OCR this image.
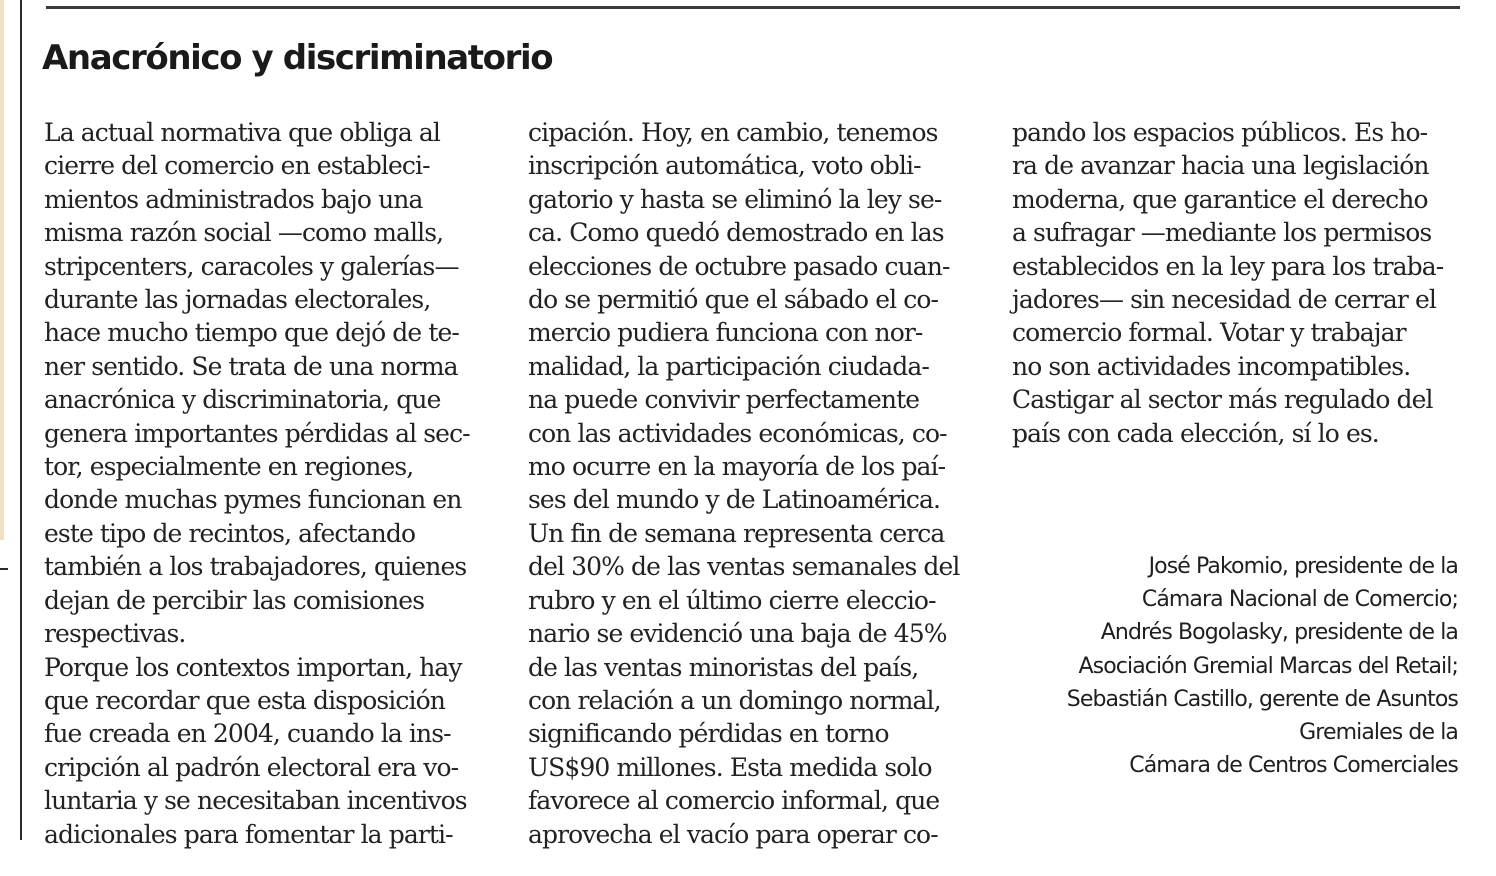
Anacrónico y discriminatorio
La actual normativa que obliga al
cierre del comercio en estableci-
mientos administrados bajo una
misma razón social —como malls,
stripcenters, caracoles y galerías—
durante las jornadas electorales,
hace mucho tiempo que dejó de te-
ner sentido. Se trata de una norma
anacrónica y discriminatoria, que
genera importantes pérdidas al sec-
tor, especialmente en regiones,
donde muchas pymes funcionan en
este tipo de recintos, afectando
también a los trabajadores, quienes
dejan de percibir las comisiones
respectivas.
Porque los contextos importan, hay
que recordar que esta disposición
fue creada en 2004, cuando la ins-
cripción al padrón electoral era vo-
luntaria y se necesitaban incentivos
adicionales para fomentar la parti-
cipación. Hoy, en cambio, tenemos
inscripción automática, voto obli-
gatorio y hasta se eliminó la ley se-
ca. Como quedó demostrado en las
elecciones de octubre pasado cuan-
do se permitió que el sábado el co-
mercio pudiera funciona con nor-
malidad, la participación ciudada-
na puede convivir perfectamente
con las actividades económicas, co-
mo ocurre en la mayoría de los paí-
ses del mundo y de Latinoamérica.
Un fin de semana representa cerca
del 30% de las ventas semanales del
rubro y en el último cierre eleccio-
nario se evidenció una baja de 45%
de las ventas minoristas del país,
con relación a un domingo normal,
significando pérdidas en torno
US$90 millones. Esta medida solo
favorece al comercio informal, que
aprovecha el vacío para operar co-
pando los espacios públicos. Es ho-
ra de avanzar hacia una legislación
moderna, que garantice el derecho
a sufragar —mediante los permisos
establecidos en la ley para los traba-
jadores— sin necesidad de cerrar el
comercio formal. Votar y trabajar
no son actividades incompatibles.
Castigar al sector más regulado del
país con cada elección, sí lo es.
José Pakomio, presidente de la
Cámara Nacional de Comercio;
Andrés Bogolasky, presidente de la
Asociación Gremial Marcas del Retail;
Sebastián Castillo, gerente de Asuntos
Gremiales de la
Cámara de Centros Comerciales
